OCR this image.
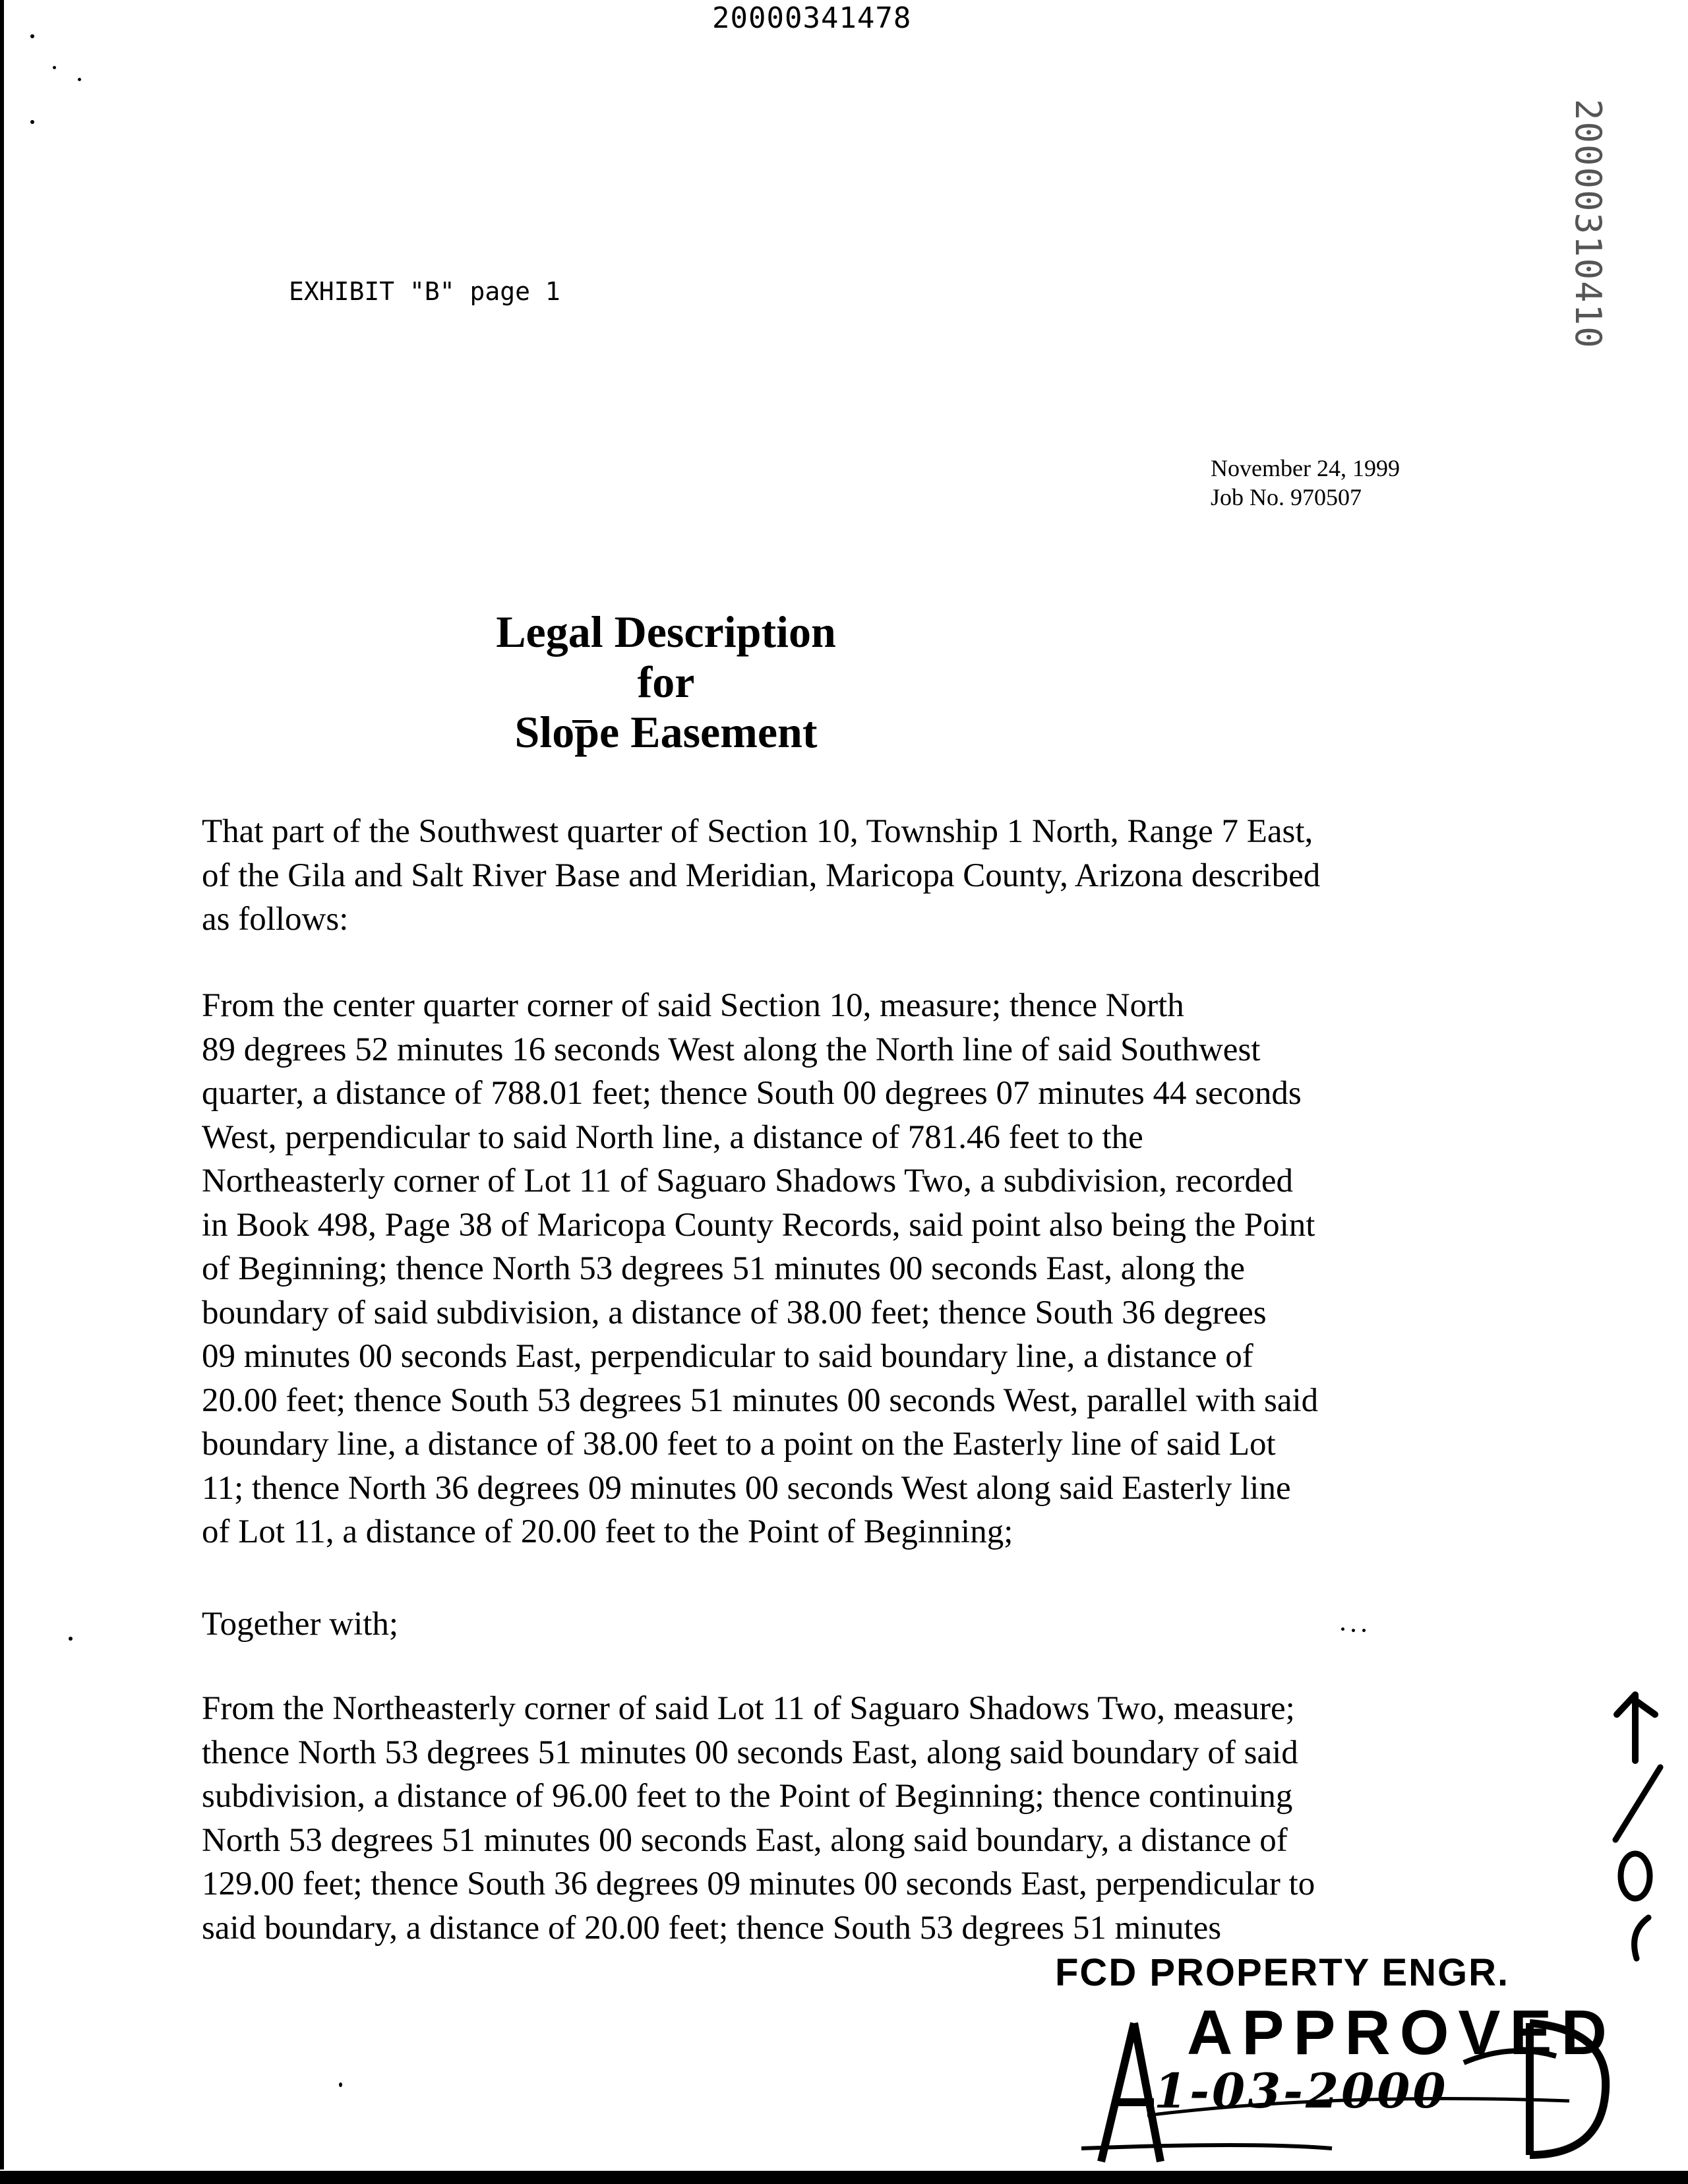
20000341478
20000310410
EXHIBIT "B" page 1
November 24, 1999
Job No. 970507
Legal Description
for
Slope Easement
That part of the Southwest quarter of Section 10, Township 1 North, Range 7 East,
of the Gila and Salt River Base and Meridian, Maricopa County, Arizona described
as follows:
From the center quarter corner of said Section 10, measure; thence North
89 degrees 52 minutes 16 seconds West along the North line of said Southwest
quarter, a distance of 788.01 feet; thence South 00 degrees 07 minutes 44 seconds
West, perpendicular to said North line, a distance of 781.46 feet to the
Northeasterly corner of Lot 11 of Saguaro Shadows Two, a subdivision, recorded
in Book 498, Page 38 of Maricopa County Records, said point also being the Point
of Beginning; thence North 53 degrees 51 minutes 00 seconds East, along the
boundary of said subdivision, a distance of 38.00 feet; thence South 36 degrees
09 minutes 00 seconds East, perpendicular to said boundary line, a distance of
20.00 feet; thence South 53 degrees 51 minutes 00 seconds West, parallel with said
boundary line, a distance of 38.00 feet to a point on the Easterly line of said Lot
11; thence North 36 degrees 09 minutes 00 seconds West along said Easterly line
of Lot 11, a distance of 20.00 feet to the Point of Beginning;
Together with;
From the Northeasterly corner of said Lot 11 of Saguaro Shadows Two, measure;
thence North 53 degrees 51 minutes 00 seconds East, along said boundary of said
subdivision, a distance of 96.00 feet to the Point of Beginning; thence continuing
North 53 degrees 51 minutes 00 seconds East, along said boundary, a distance of
129.00 feet; thence South 36 degrees 09 minutes 00 seconds East, perpendicular to
said boundary, a distance of 20.00 feet; thence South 53 degrees 51 minutes
FCD PROPERTY ENGR.
APPROVED
1-03-2000
